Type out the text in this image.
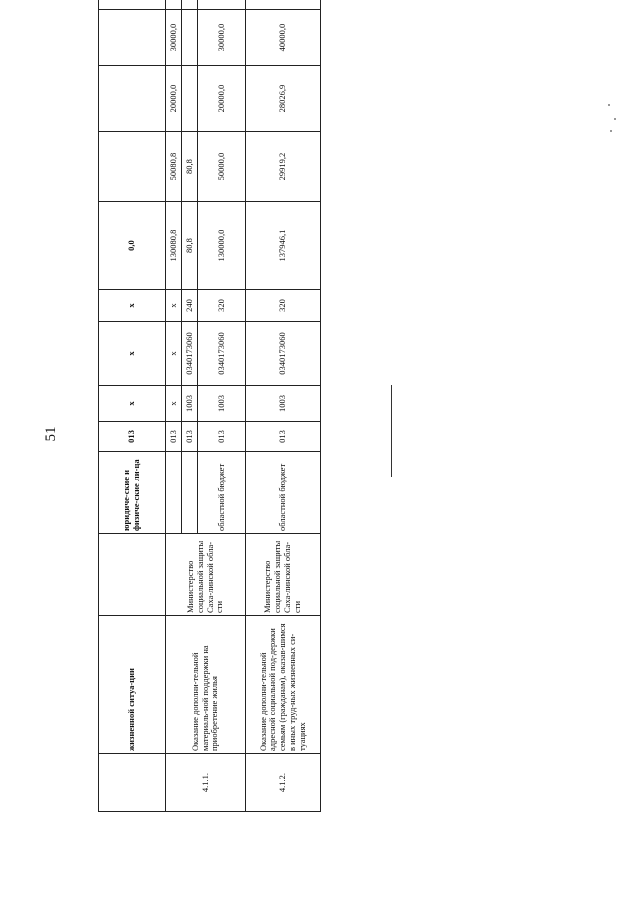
51
	жизненной ситуа-ции		юридиче-ские и физиче-ские ли-ца	013	х	х	х	0,0				
4.1.1.	Оказание дополни-тельной материаль-ной поддержки на приобретение жилья	Министерство социальной защиты Саха-линской обла-сти		013	х	х	х	130080,8	50080,8	20000,0	30000,0	
				013	1003	0340173060	240	80,8	80,8			
			областной бюджет	013	1003	0340173060	320	130000,0	50000,0	20000,0	30000,0	
4.1.2.	Оказание дополни-тельной адресной социальной под-держки семьям (гражданам), оказав-шимся в иных труд-ных жизненных си-туациях	Министерство социальной защиты Саха-линской обла-сти	областной бюджет	013	1003	0340173060	320	137946,1	29919,2	28026,9	40000,0	
